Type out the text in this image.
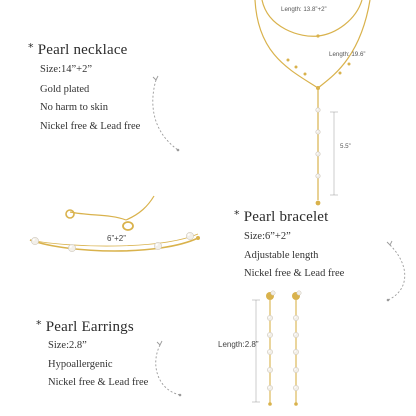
* Pearl necklace
Size:14”+2”
Gold plated
No harm to skin
Nickel free & Lead free
Length: 13.8”+2”
Length: 19.6”
5.5”
* Pearl bracelet
Size:6”+2”
Adjustable length
Nickel free & Lead free
6”+2”
* Pearl Earrings
Size:2.8”
Hypoallergenic
Nickel free & Lead free
Length:2.8”
